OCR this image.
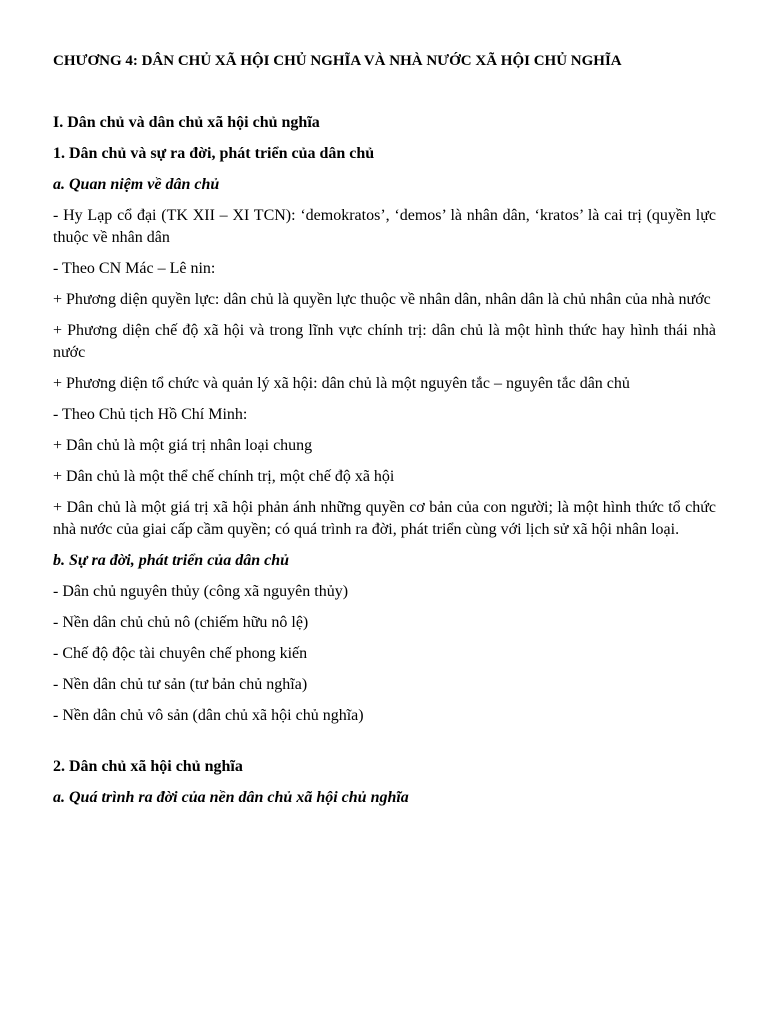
CHƯƠNG 4: DÂN CHỦ XÃ HỘI CHỦ NGHĨA VÀ NHÀ NƯỚC XÃ HỘI CHỦ NGHĨA

I. Dân chủ và dân chủ xã hội chủ nghĩa

1. Dân chủ và sự ra đời, phát triển của dân chủ

a. Quan niệm về dân chủ

- Hy Lạp cổ đại (TK XII – XI TCN): ‘demokratos’, ‘demos’ là nhân dân, ‘kratos’ là cai trị (quyền lực thuộc về nhân dân

- Theo CN Mác – Lê nin:

+ Phương diện quyền lực: dân chủ là quyền lực thuộc về nhân dân, nhân dân là chủ nhân của nhà nước

+ Phương diện chế độ xã hội và trong lĩnh vực chính trị: dân chủ là một hình thức hay hình thái nhà nước

+ Phương diện tổ chức và quản lý xã hội: dân chủ là một nguyên tắc – nguyên tắc dân chủ

- Theo Chủ tịch Hồ Chí Minh:

+ Dân chủ là một giá trị nhân loại chung

+ Dân chủ là một thể chế chính trị, một chế độ xã hội

+ Dân chủ là một giá trị xã hội phản ánh những quyền cơ bản của con người; là một hình thức tổ chức nhà nước của giai cấp cầm quyền; có quá trình ra đời, phát triển cùng với lịch sử xã hội nhân loại.

b. Sự ra đời, phát triển của dân chủ

- Dân chủ nguyên thủy (công xã nguyên thủy)

- Nền dân chủ chủ nô (chiếm hữu nô lệ)

- Chế độ độc tài chuyên chế phong kiến

- Nền dân chủ tư sản (tư bản chủ nghĩa)

- Nền dân chủ vô sản (dân chủ xã hội chủ nghĩa)

2. Dân chủ xã hội chủ nghĩa

a. Quá trình ra đời của nền dân chủ xã hội chủ nghĩa
